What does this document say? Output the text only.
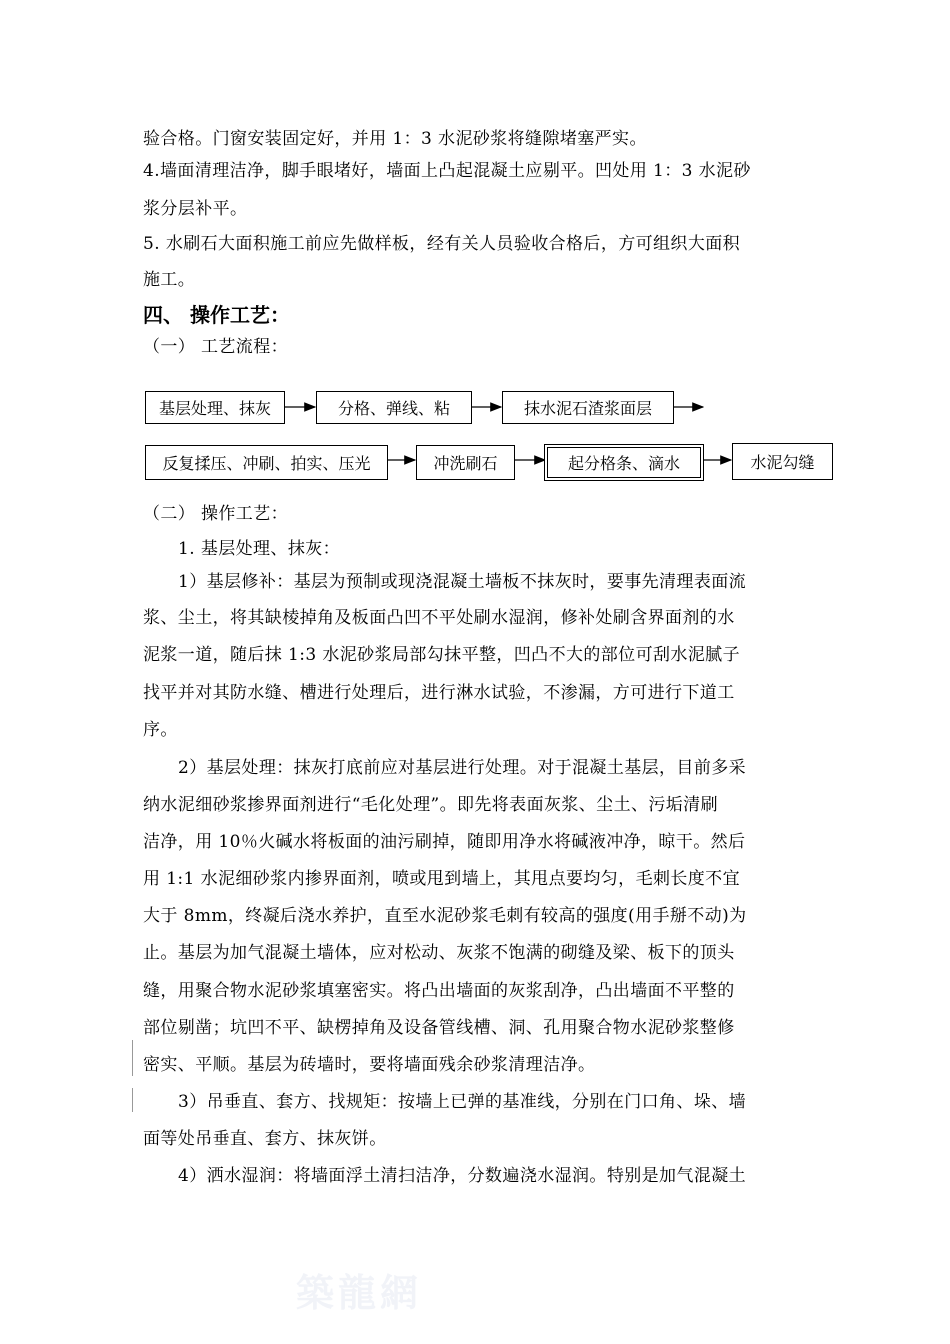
验合格。门窗安装固定好，并用 1：3 水泥砂浆将缝隙堵塞严实。
4.墙面清理洁净，脚手眼堵好，墙面上凸起混凝土应剔平。凹处用 1：3 水泥砂
浆分层补平。
5. 水刷石大面积施工前应先做样板，经有关人员验收合格后，方可组织大面积
施工。
四、 操作工艺：
（一） 工艺流程：
基层处理、抹灰	分格、弹线、粘	抹水泥石渣浆面层
反复揉压、冲刷、拍实、压光	冲洗刷石	起分格条、滴水	水泥勾缝
（二） 操作工艺：
1. 基层处理、抹灰：
1）基层修补：基层为预制或现浇混凝土墙板不抹灰时，要事先清理表面流
浆、尘土，将其缺棱掉角及板面凸凹不平处刷水湿润，修补处刷含界面剂的水
泥浆一道，随后抹 1:3 水泥砂浆局部勾抹平整，凹凸不大的部位可刮水泥腻子
找平并对其防水缝、槽进行处理后，进行淋水试验，不渗漏，方可进行下道工
序。
2）基层处理：抹灰打底前应对基层进行处理。对于混凝土基层，目前多采
纳水泥细砂浆掺界面剂进行“毛化处理”。即先将表面灰浆、尘土、污垢清刷
洁净，用 10％火碱水将板面的油污刷掉，随即用净水将碱液冲净，晾干。然后
用 1:1 水泥细砂浆内掺界面剂，喷或甩到墙上，其甩点要均匀，毛刺长度不宜
大于 8mm，终凝后浇水养护，直至水泥砂浆毛刺有较高的强度(用手掰不动)为
止。基层为加气混凝土墙体，应对松动、灰浆不饱满的砌缝及梁、板下的顶头
缝，用聚合物水泥砂浆填塞密实。将凸出墙面的灰浆刮净，凸出墙面不平整的
部位剔凿；坑凹不平、缺楞掉角及设备管线槽、洞、孔用聚合物水泥砂浆整修
密实、平顺。基层为砖墙时，要将墙面残余砂浆清理洁净。
3）吊垂直、套方、找规矩：按墙上已弹的基准线，分别在门口角、垛、墙
面等处吊垂直、套方、抹灰饼。
4）洒水湿润：将墙面浮土清扫洁净，分数遍浇水湿润。特别是加气混凝土
築龍網
